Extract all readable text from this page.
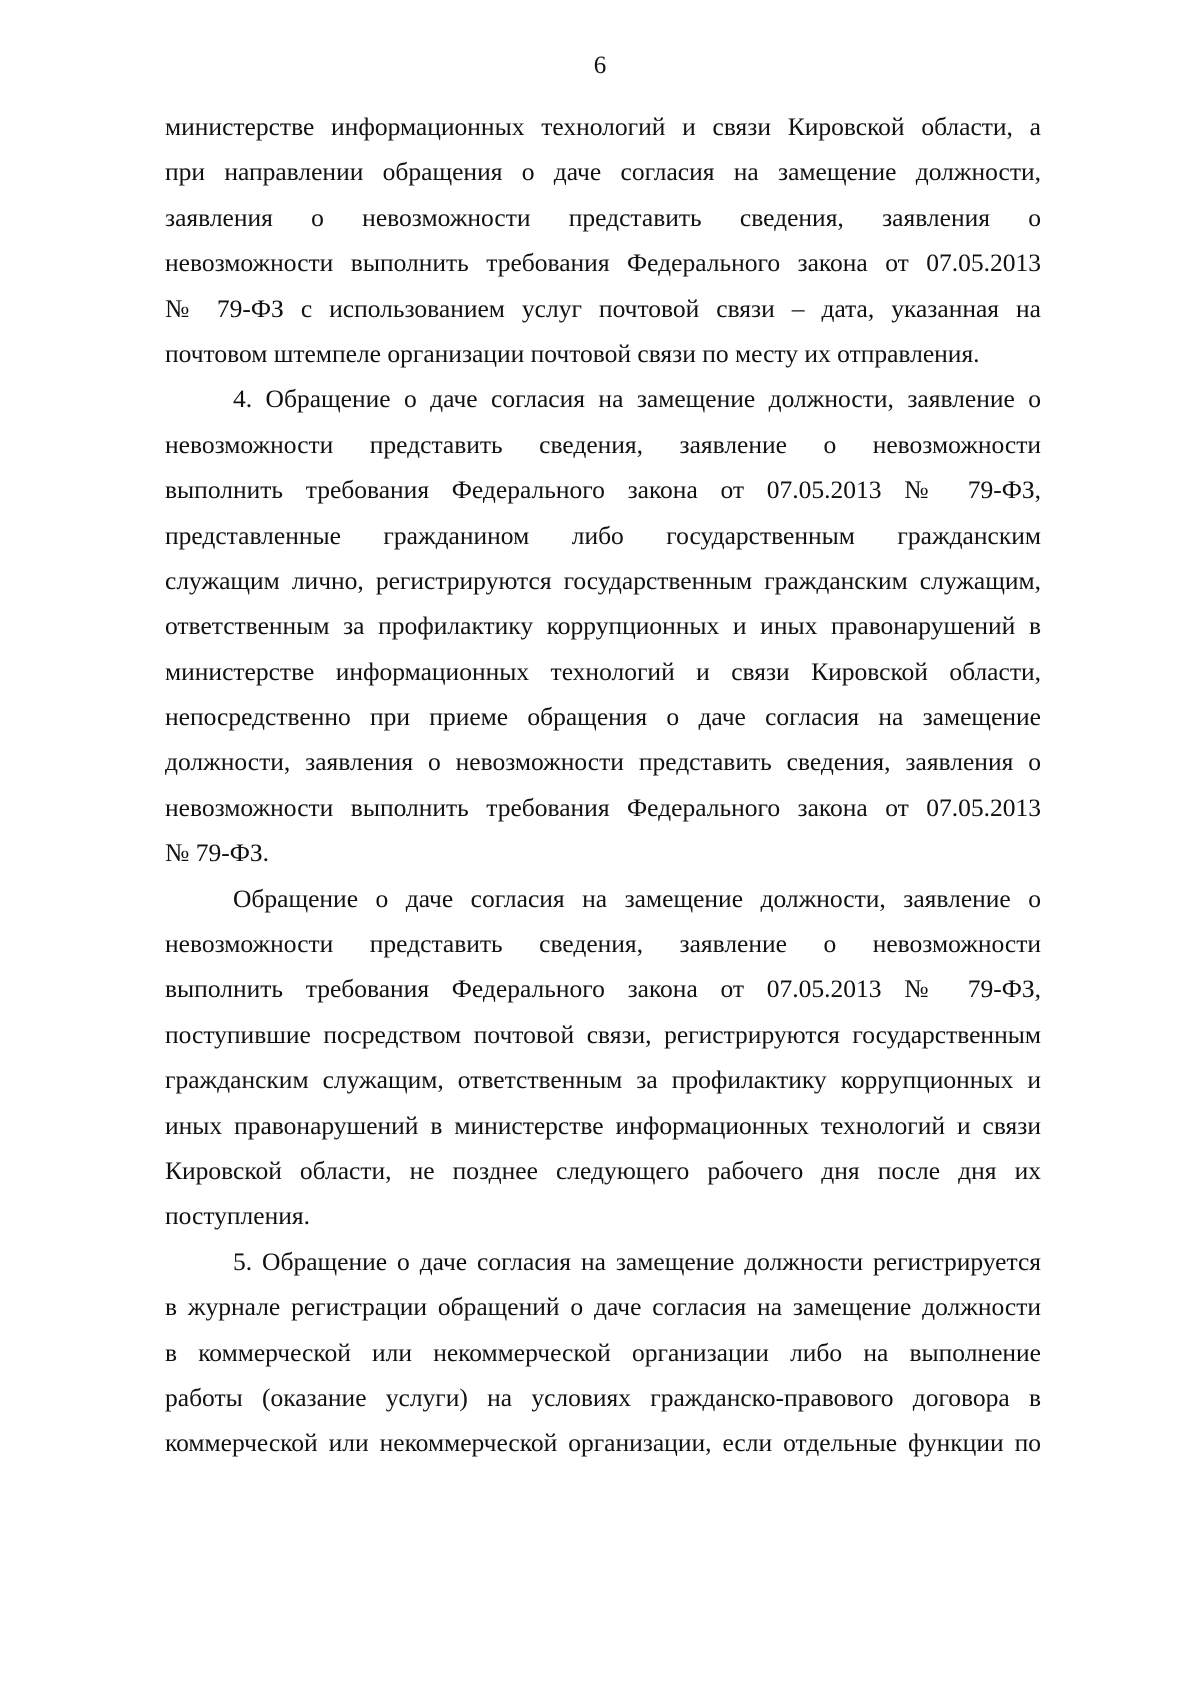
6
министерстве информационных технологий и связи Кировской области, а
при направлении обращения о даче согласия на замещение должности,
заявления о невозможности представить сведения, заявления о
невозможности выполнить требования Федерального закона от 07.05.2013
№ 79-ФЗ с использованием услуг почтовой связи – дата, указанная на
почтовом штемпеле организации почтовой связи по месту их отправления.
4. Обращение о даче согласия на замещение должности, заявление о
невозможности представить сведения, заявление о невозможности
выполнить требования Федерального закона от 07.05.2013 № 79-ФЗ,
представленные гражданином либо государственным гражданским
служащим лично, регистрируются государственным гражданским служащим,
ответственным за профилактику коррупционных и иных правонарушений в
министерстве информационных технологий и связи Кировской области,
непосредственно при приеме обращения о даче согласия на замещение
должности, заявления о невозможности представить сведения, заявления о
невозможности выполнить требования Федерального закона от 07.05.2013
№ 79-ФЗ.
Обращение о даче согласия на замещение должности, заявление о
невозможности представить сведения, заявление о невозможности
выполнить требования Федерального закона от 07.05.2013 № 79-ФЗ,
поступившие посредством почтовой связи, регистрируются государственным
гражданским служащим, ответственным за профилактику коррупционных и
иных правонарушений в министерстве информационных технологий и связи
Кировской области, не позднее следующего рабочего дня после дня их
поступления.
5. Обращение о даче согласия на замещение должности регистрируется
в журнале регистрации обращений о даче согласия на замещение должности
в коммерческой или некоммерческой организации либо на выполнение
работы (оказание услуги) на условиях гражданско-правового договора в
коммерческой или некоммерческой организации, если отдельные функции по
